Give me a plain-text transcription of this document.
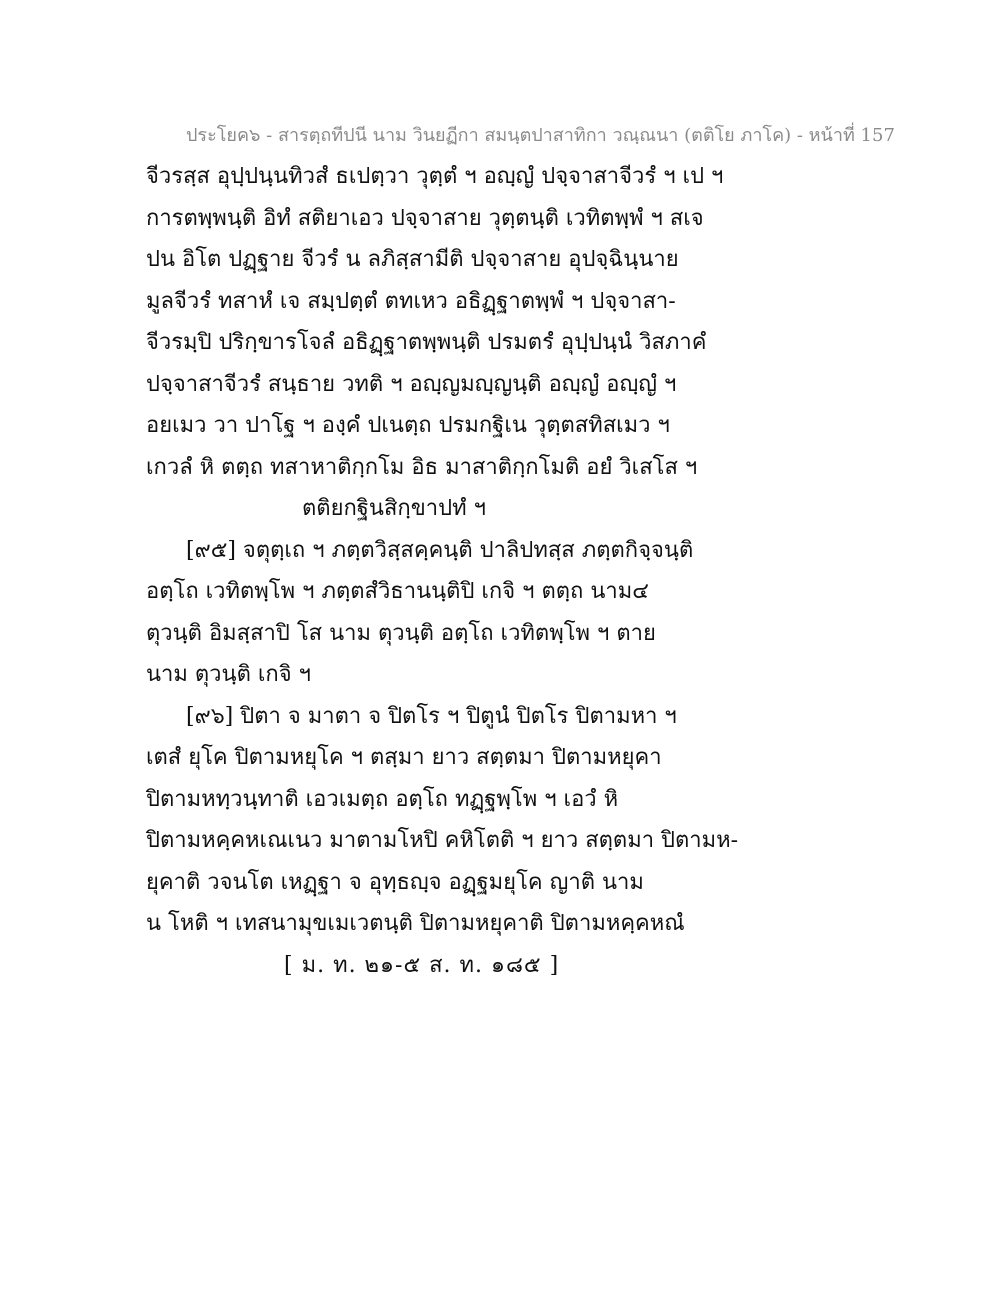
ประโยค๖ - สารตฺถทีปนี นาม วินยฏีกา สมนฺตปาสาทิกา วณฺณนา (ตติโย ภาโค) - หน้าที่ 157
จีวรสฺส อุปฺปนฺนทิวสํ ธเปตฺวา วุตฺตํ ฯ อญฺญํ ปจฺจาสาจีวรํ ฯ เป ฯ
การตพฺพนฺติ อิทํ สติยาเอว ปจฺจาสาย วุตฺตนฺติ เวทิตพฺพํ ฯ สเจ
ปน อิโต ปฏฺฐาย จีวรํ น ลภิสฺสามีติ ปจฺจาสาย อุปจฺฉินฺนาย
มูลจีวรํ ทสาหํ เจ สมฺปตฺตํ ตทเหว อธิฏฺฐาตพฺพํ ฯ ปจฺจาสา-
จีวรมฺปิ ปริกฺขารโจลํ อธิฏฺฐาตพฺพนฺติ ปรมตรํ อุปฺปนฺนํ วิสภาคํ
ปจฺจาสาจีวรํ สนฺธาย วทติ ฯ อญฺญมญฺญนฺติ อญฺญํ อญฺญํ ฯ
อยเมว วา ปาโฐ ฯ องฺคํ ปเนตฺถ ปรมกฐิเน วุตฺตสทิสเมว ฯ
เกวลํ หิ ตตฺถ ทสาหาติกฺกโม อิธ มาสาติกฺกโมติ อยํ วิเสโส ฯ
ตติยกฐินสิกฺขาปทํ ฯ
[๙๕] จตุตฺเถ ฯ ภตฺตวิสฺสคฺคนฺติ ปาลิปทสฺส ภตฺตกิจฺจนฺติ
อตฺโถ เวทิตพฺโพ ฯ ภตฺตสํวิธานนฺติปิ เกจิ ฯ ตตฺถ นาม๔
ตุวนฺติ อิมสฺสาปิ โส นาม ตุวนฺติ อตฺโถ เวทิตพฺโพ ฯ ตาย
นาม ตุวนฺติ เกจิ ฯ
[๙๖] ปิตา จ มาตา จ ปิตโร ฯ ปิตูนํ ปิตโร ปิตามหา ฯ
เตสํ ยุโค ปิตามหยุโค ฯ ตสฺมา ยาว สตฺตมา ปิตามหยุคา
ปิตามหทฺวนฺทาติ เอวเมตฺถ อตฺโถ ทฏฺฐพฺโพ ฯ เอวํ หิ
ปิตามหคฺคหเณเนว มาตามโหปิ คหิโตติ ฯ ยาว สตฺตมา ปิตามห-
ยุคาติ วจนโต เหฏฺฐา จ อุทฺธญฺจ อฏฺฐมยุโค ญาติ นาม
น โหติ ฯ เทสนามุขเมเวตนฺติ ปิตามหยุคาติ ปิตามหคฺคหณํ
[ ม. ท. ๒๑-๕ ส. ท. ๑๘๕ ]
